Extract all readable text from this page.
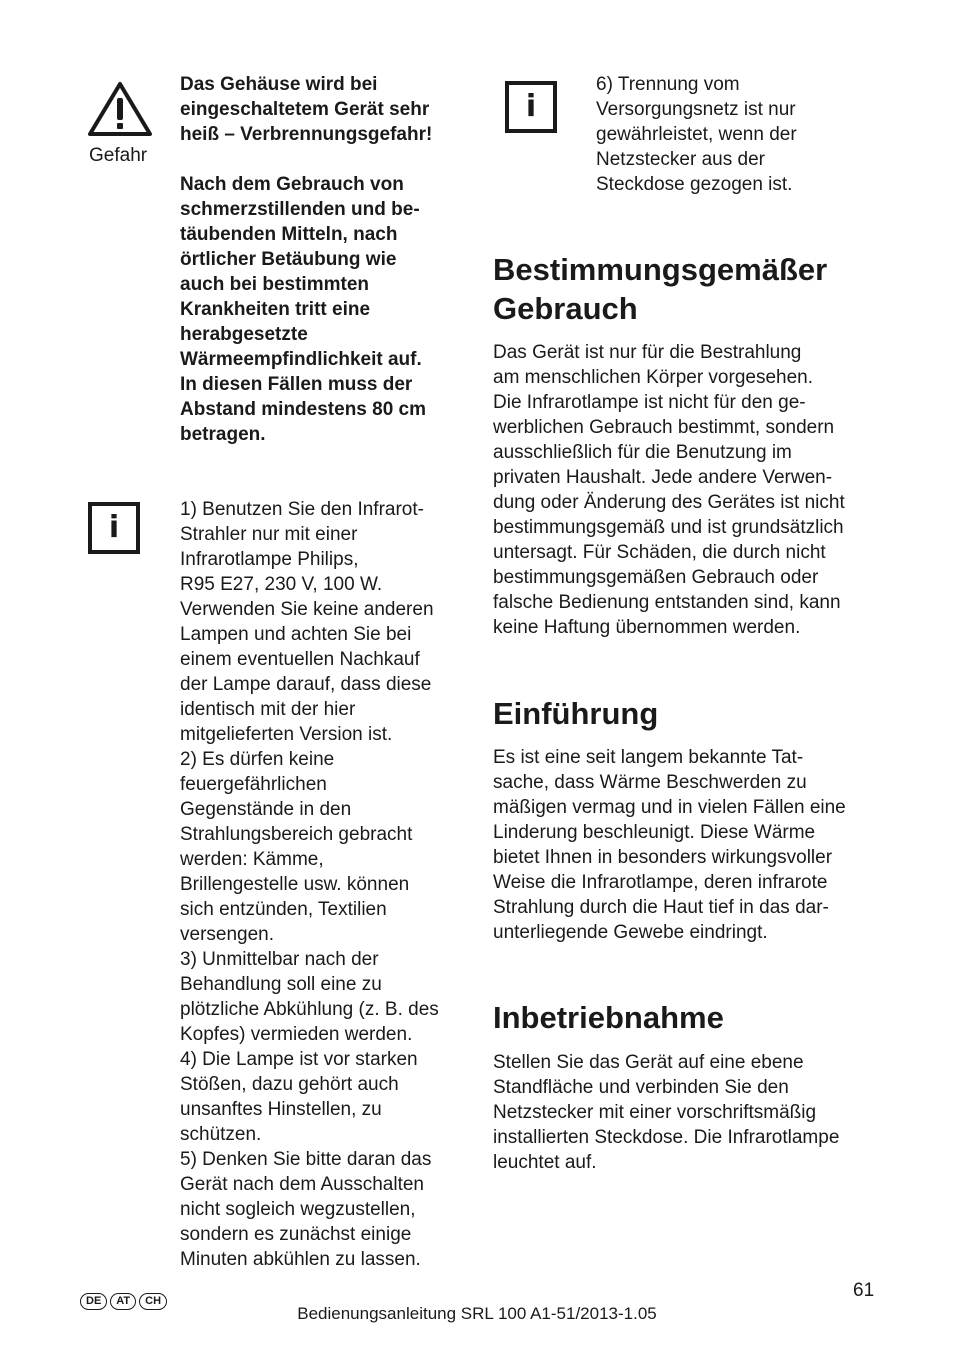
Gefahr
Das Gehäuse wird bei
eingeschaltetem Gerät sehr
heiß – Verbrennungsgefahr!
Nach dem Gebrauch von
schmerzstillenden und be-
täubenden Mitteln, nach
örtlicher Betäubung wie
auch bei bestimmten
Krankheiten tritt eine
herabgesetzte
Wärmeempfindlichkeit auf.
In diesen Fällen muss der
Abstand mindestens 80 cm
betragen.
i
1) Benutzen Sie den Infrarot-
Strahler nur mit einer
Infrarotlampe Philips,
R95 E27, 230 V, 100 W.
Verwenden Sie keine anderen
Lampen und achten Sie bei
einem eventuellen Nachkauf
der Lampe darauf, dass diese
identisch mit der hier
mitgelieferten Version ist.
2) Es dürfen keine
feuergefährlichen
Gegenstände in den
Strahlungsbereich gebracht
werden: Kämme,
Brillengestelle usw. können
sich entzünden, Textilien
versengen.
3) Unmittelbar nach der
Behandlung soll eine zu
plötzliche Abkühlung (z. B. des
Kopfes) vermieden werden.
4) Die Lampe ist vor starken
Stößen, dazu gehört auch
unsanftes Hinstellen, zu
schützen.
5) Denken Sie bitte daran das
Gerät nach dem Ausschalten
nicht sogleich wegzustellen,
sondern es zunächst einige
Minuten abkühlen zu lassen.
i
6) Trennung vom
Versorgungsnetz ist nur
gewährleistet, wenn der
Netzstecker aus der
Steckdose gezogen ist.
Bestimmungsgemäßer
Gebrauch
Das Gerät ist nur für die Bestrahlung
am menschlichen Körper vorgesehen.
Die Infrarotlampe ist nicht für den ge-
werblichen Gebrauch bestimmt, sondern
ausschließlich für die Benutzung im
privaten Haushalt. Jede andere Verwen-
dung oder Änderung des Gerätes ist nicht
bestimmungsgemäß und ist grundsätzlich
untersagt. Für Schäden, die durch nicht
bestimmungsgemäßen Gebrauch oder
falsche Bedienung entstanden sind, kann
keine Haftung übernommen werden.
Einführung
Es ist eine seit langem bekannte Tat-
sache, dass Wärme Beschwerden zu
mäßigen vermag und in vielen Fällen eine
Linderung beschleunigt. Diese Wärme
bietet Ihnen in besonders wirkungsvoller
Weise die Infrarotlampe, deren infrarote
Strahlung durch die Haut tief in das dar-
unterliegende Gewebe eindringt.
Inbetriebnahme
Stellen Sie das Gerät auf eine ebene
Standfläche und verbinden Sie den
Netzstecker mit einer vorschriftsmäßig
installierten Steckdose. Die Infrarotlampe
leuchtet auf.
DE AT CH	61
Bedienungsanleitung SRL 100 A1-51/2013-1.05
